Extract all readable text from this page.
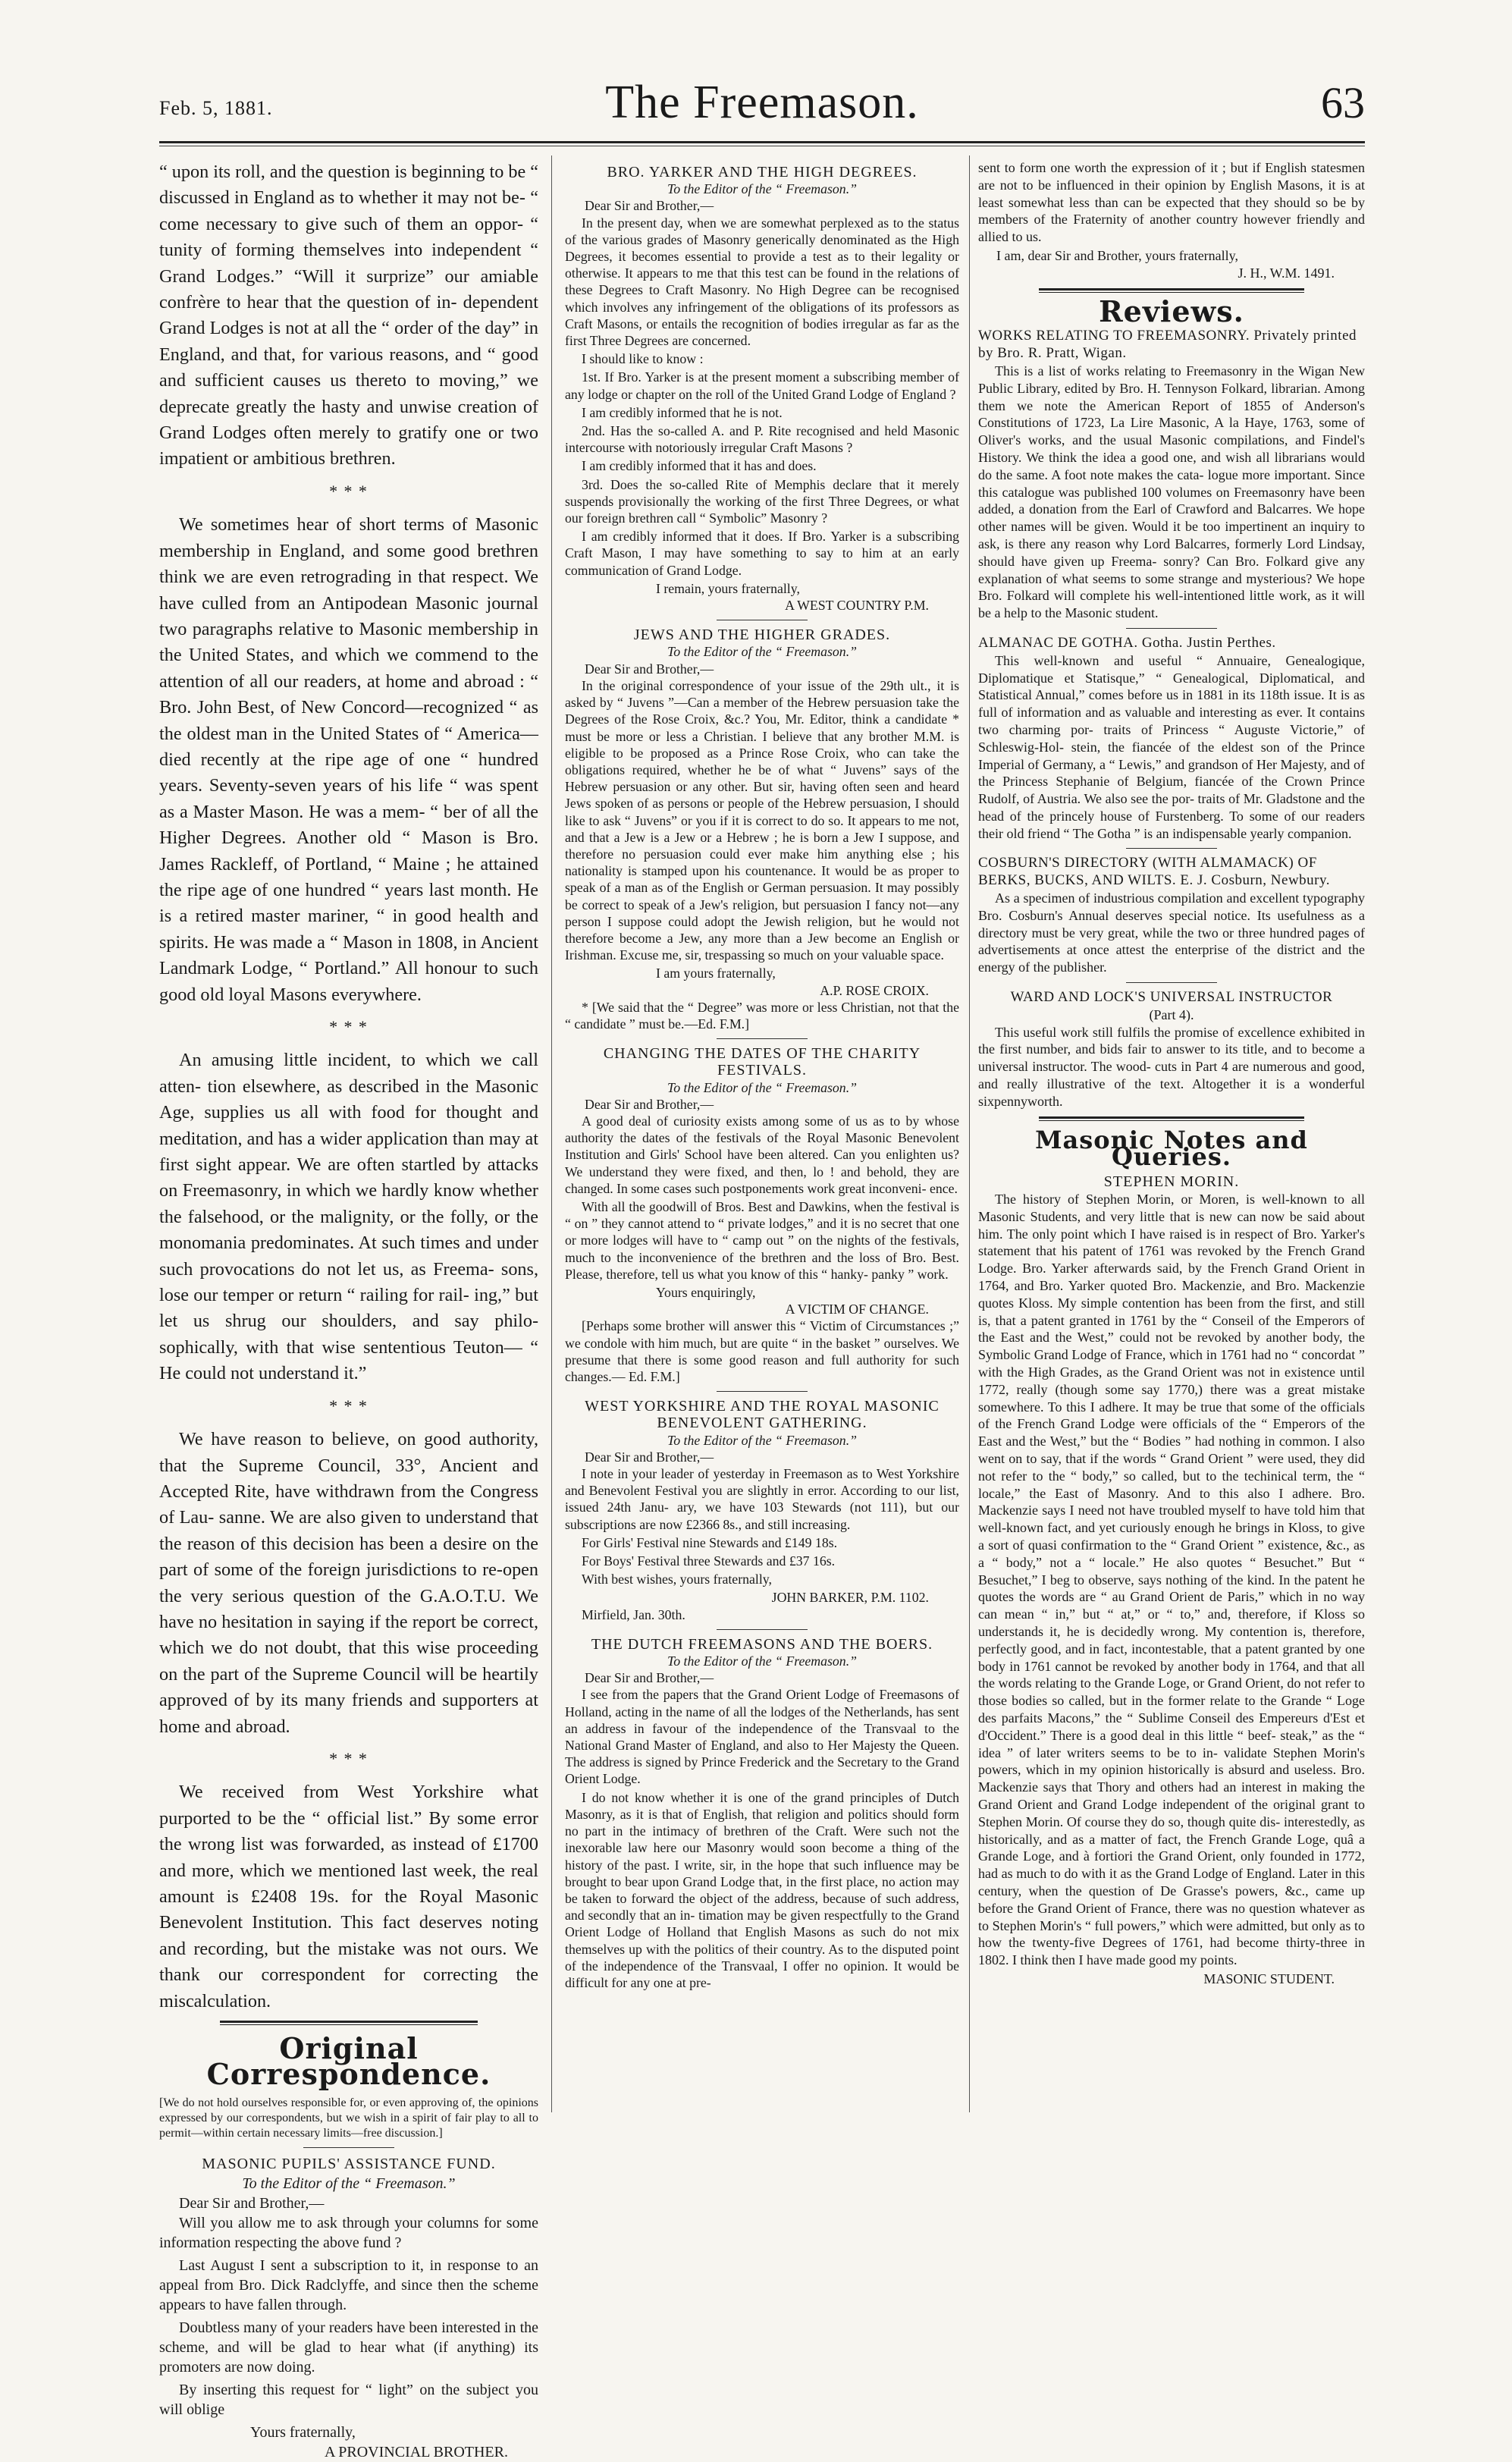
Feb. 5, 1881.	The Freemason.	63

“ upon its roll, and the question is beginning to be “ discussed in England as to whether it may not be- “ come necessary to give such of them an oppor- “ tunity of forming themselves into independent “ Grand Lodges.” “Will it surprize” our amiable confrère to hear that the question of in- dependent Grand Lodges is not at all the “ order of the day” in England, and that, for various reasons, and “ good and sufficient causes us thereto to moving,” we deprecate greatly the hasty and unwise creation of Grand Lodges often merely to gratify one or two impatient or ambitious brethren.

* * *

We sometimes hear of short terms of Masonic membership in England, and some good brethren think we are even retrograding in that respect. We have culled from an Antipodean Masonic journal two paragraphs relative to Masonic membership in the United States, and which we commend to the attention of all our readers, at home and abroad : “ Bro. John Best, of New Concord—recognized “ as the oldest man in the United States of “ America—died recently at the ripe age of one “ hundred years. Seventy-seven years of his life “ was spent as a Master Mason. He was a mem- “ ber of all the Higher Degrees. Another old “ Mason is Bro. James Rackleff, of Portland, “ Maine ; he attained the ripe age of one hundred “ years last month. He is a retired master mariner, “ in good health and spirits. He was made a “ Mason in 1808, in Ancient Landmark Lodge, “ Portland.” All honour to such good old loyal Masons everywhere.

* * *

An amusing little incident, to which we call atten- tion elsewhere, as described in the Masonic Age, supplies us all with food for thought and meditation, and has a wider application than may at first sight appear. We are often startled by attacks on Freemasonry, in which we hardly know whether the falsehood, or the malignity, or the folly, or the monomania predominates. At such times and under such provocations do not let us, as Freema- sons, lose our temper or return “ railing for rail- ing,” but let us shrug our shoulders, and say philo- sophically, with that wise sententious Teuton— “ He could not understand it.”

* * *

We have reason to believe, on good authority, that the Supreme Council, 33°, Ancient and Accepted Rite, have withdrawn from the Congress of Lau- sanne. We are also given to understand that the reason of this decision has been a desire on the part of some of the foreign jurisdictions to re-open the very serious question of the G.A.O.T.U. We have no hesitation in saying if the report be correct, which we do not doubt, that this wise proceeding on the part of the Supreme Council will be heartily approved of by its many friends and supporters at home and abroad.

* * *

We received from West Yorkshire what purported to be the “ official list.” By some error the wrong list was forwarded, as instead of £1700 and more, which we mentioned last week, the real amount is £2408 19s. for the Royal Masonic Benevolent Institution. This fact deserves noting and recording, but the mistake was not ours. We thank our correspondent for correcting the miscalculation.

Original Correspondence.

[We do not hold ourselves responsible for, or even approving of, the opinions expressed by our correspondents, but we wish in a spirit of fair play to all to permit—within certain necessary limits—free discussion.]

MASONIC PUPILS' ASSISTANCE FUND.

To the Editor of the “ Freemason.”

Dear Sir and Brother,—

Will you allow me to ask through your columns for some information respecting the above fund ?

Last August I sent a subscription to it, in response to an appeal from Bro. Dick Radclyffe, and since then the scheme appears to have fallen through.

Doubtless many of your readers have been interested in the scheme, and will be glad to hear what (if anything) its promoters are now doing.

By inserting this request for “ light” on the subject you will oblige

Yours fraternally,

A PROVINCIAL BROTHER.

BRO. YARKER AND THE HIGH DEGREES.

To the Editor of the “ Freemason.”

Dear Sir and Brother,—

In the present day, when we are somewhat perplexed as to the status of the various grades of Masonry generically denominated as the High Degrees, it becomes essential to provide a test as to their legality or otherwise. It appears to me that this test can be found in the relations of these Degrees to Craft Masonry. No High Degree can be recognised which involves any infringement of the obligations of its professors as Craft Masons, or entails the recognition of bodies irregular as far as the first Three Degrees are concerned.

I should like to know :

1st. If Bro. Yarker is at the present moment a subscribing member of any lodge or chapter on the roll of the United Grand Lodge of England ?

I am credibly informed that he is not.

2nd. Has the so-called A. and P. Rite recognised and held Masonic intercourse with notoriously irregular Craft Masons ?

I am credibly informed that it has and does.

3rd. Does the so-called Rite of Memphis declare that it merely suspends provisionally the working of the first Three Degrees, or what our foreign brethren call “ Symbolic” Masonry ?

I am credibly informed that it does. If Bro. Yarker is a subscribing Craft Mason, I may have something to say to him at an early communication of Grand Lodge.

I remain, yours fraternally,

A WEST COUNTRY P.M.

JEWS AND THE HIGHER GRADES.

To the Editor of the “ Freemason.”

Dear Sir and Brother,—

In the original correspondence of your issue of the 29th ult., it is asked by “ Juvens ”—Can a member of the Hebrew persuasion take the Degrees of the Rose Croix, &c.? You, Mr. Editor, think a candidate * must be more or less a Christian. I believe that any brother M.M. is eligible to be proposed as a Prince Rose Croix, who can take the obligations required, whether he be of what “ Juvens” says of the Hebrew persuasion or any other. But sir, having often seen and heard Jews spoken of as persons or people of the Hebrew persuasion, I should like to ask “ Juvens” or you if it is correct to do so. It appears to me not, and that a Jew is a Jew or a Hebrew ; he is born a Jew I suppose, and therefore no persuasion could ever make him anything else ; his nationality is stamped upon his countenance. It would be as proper to speak of a man as of the English or German persuasion. It may possibly be correct to speak of a Jew's religion, but persuasion I fancy not—any person I suppose could adopt the Jewish religion, but he would not therefore become a Jew, any more than a Jew become an English or Irishman. Excuse me, sir, trespassing so much on your valuable space.

I am yours fraternally,

A.P. ROSE CROIX.

* [We said that the “ Degree” was more or less Christian, not that the “ candidate ” must be.—Ed. F.M.]

CHANGING THE DATES OF THE CHARITY FESTIVALS.

To the Editor of the “ Freemason.”

Dear Sir and Brother,—

A good deal of curiosity exists among some of us as to by whose authority the dates of the festivals of the Royal Masonic Benevolent Institution and Girls' School have been altered. Can you enlighten us? We understand they were fixed, and then, lo ! and behold, they are changed. In some cases such postponements work great inconveni- ence.

With all the goodwill of Bros. Best and Dawkins, when the festival is “ on ” they cannot attend to “ private lodges,” and it is no secret that one or more lodges will have to “ camp out ” on the nights of the festivals, much to the inconvenience of the brethren and the loss of Bro. Best. Please, therefore, tell us what you know of this “ hanky- panky ” work.

Yours enquiringly,

A VICTIM OF CHANGE.

[Perhaps some brother will answer this “ Victim of Circumstances ;” we condole with him much, but are quite “ in the basket ” ourselves. We presume that there is some good reason and full authority for such changes.— Ed. F.M.]

WEST YORKSHIRE AND THE ROYAL MASONIC BENEVOLENT GATHERING.

To the Editor of the “ Freemason.”

Dear Sir and Brother,—

I note in your leader of yesterday in Freemason as to West Yorkshire and Benevolent Festival you are slightly in error. According to our list, issued 24th Janu- ary, we have 103 Stewards (not 111), but our subscriptions are now £2366 8s., and still increasing.

For Girls' Festival nine Stewards and £149 18s.

For Boys' Festival three Stewards and £37 16s.

With best wishes, yours fraternally,

JOHN BARKER, P.M. 1102.

Mirfield, Jan. 30th.

THE DUTCH FREEMASONS AND THE BOERS.

To the Editor of the “ Freemason.”

Dear Sir and Brother,—

I see from the papers that the Grand Orient Lodge of Freemasons of Holland, acting in the name of all the lodges of the Netherlands, has sent an address in favour of the independence of the Transvaal to the National Grand Master of England, and also to Her Majesty the Queen. The address is signed by Prince Frederick and the Secretary to the Grand Orient Lodge.

I do not know whether it is one of the grand principles of Dutch Masonry, as it is that of English, that religion and politics should form no part in the intimacy of brethren of the Craft. Were such not the inexorable law here our Masonry would soon become a thing of the history of the past. I write, sir, in the hope that such influence may be brought to bear upon Grand Lodge that, in the first place, no action may be taken to forward the object of the address, because of such address, and secondly that an in- timation may be given respectfully to the Grand Orient Lodge of Holland that English Masons as such do not mix themselves up with the politics of their country. As to the disputed point of the independence of the Transvaal, I offer no opinion. It would be difficult for any one at pre-

sent to form one worth the expression of it ; but if English statesmen are not to be influenced in their opinion by English Masons, it is at least somewhat less than can be expected that they should so be by members of the Fraternity of another country however friendly and allied to us.

I am, dear Sir and Brother, yours fraternally,

J. H., W.M. 1491.

Reviews.

WORKS RELATING TO FREEMASONRY. Privately printed by Bro. R. Pratt, Wigan.

This is a list of works relating to Freemasonry in the Wigan New Public Library, edited by Bro. H. Tennyson Folkard, librarian. Among them we note the American Report of 1855 of Anderson's Constitutions of 1723, La Lire Masonic, A la Haye, 1763, some of Oliver's works, and the usual Masonic compilations, and Findel's History. We think the idea a good one, and wish all librarians would do the same. A foot note makes the cata- logue more important. Since this catalogue was published 100 volumes on Freemasonry have been added, a donation from the Earl of Crawford and Balcarres. We hope other names will be given. Would it be too impertinent an inquiry to ask, is there any reason why Lord Balcarres, formerly Lord Lindsay, should have given up Freema- sonry? Can Bro. Folkard give any explanation of what seems to some strange and mysterious? We hope Bro. Folkard will complete his well-intentioned little work, as it will be a help to the Masonic student.

ALMANAC DE GOTHA. Gotha. Justin Perthes.

This well-known and useful “ Annuaire, Genealogique, Diplomatique et Statisque,” “ Genealogical, Diplomatical, and Statistical Annual,” comes before us in 1881 in its 118th issue. It is as full of information and as valuable and interesting as ever. It contains two charming por- traits of Princess “ Auguste Victorie,” of Schleswig-Hol- stein, the fiancée of the eldest son of the Prince Imperial of Germany, a “ Lewis,” and grandson of Her Majesty, and of the Princess Stephanie of Belgium, fiancée of the Crown Prince Rudolf, of Austria. We also see the por- traits of Mr. Gladstone and the head of the princely house of Furstenberg. To some of our readers their old friend “ The Gotha ” is an indispensable yearly companion.

COSBURN'S DIRECTORY (WITH ALMAMACK) OF BERKS, BUCKS, AND WILTS. E. J. Cosburn, Newbury.

As a specimen of industrious compilation and excellent typography Bro. Cosburn's Annual deserves special notice. Its usefulness as a directory must be very great, while the two or three hundred pages of advertisements at once attest the enterprise of the district and the energy of the publisher.

WARD AND LOCK'S UNIVERSAL INSTRUCTOR

(Part 4).

This useful work still fulfils the promise of excellence exhibited in the first number, and bids fair to answer to its title, and to become a universal instructor. The wood- cuts in Part 4 are numerous and good, and really illustrative of the text. Altogether it is a wonderful sixpennyworth.

Masonic Notes and Queries.

STEPHEN MORIN.

The history of Stephen Morin, or Moren, is well-known to all Masonic Students, and very little that is new can now be said about him. The only point which I have raised is in respect of Bro. Yarker's statement that his patent of 1761 was revoked by the French Grand Lodge. Bro. Yarker afterwards said, by the French Grand Orient in 1764, and Bro. Yarker quoted Bro. Mackenzie, and Bro. Mackenzie quotes Kloss. My simple contention has been from the first, and still is, that a patent granted in 1761 by the “ Conseil of the Emperors of the East and the West,” could not be revoked by another body, the Symbolic Grand Lodge of France, which in 1761 had no “ concordat ” with the High Grades, as the Grand Orient was not in existence until 1772, really (though some say 1770,) there was a great mistake somewhere. To this I adhere. It may be true that some of the officials of the French Grand Lodge were officials of the “ Emperors of the East and the West,” but the “ Bodies ” had nothing in common. I also went on to say, that if the words “ Grand Orient ” were used, they did not refer to the “ body,” so called, but to the techinical term, the “ locale,” the East of Masonry. And to this also I adhere. Bro. Mackenzie says I need not have troubled myself to have told him that well-known fact, and yet curiously enough he brings in Kloss, to give a sort of quasi confirmation to the “ Grand Orient ” existence, &c., as a “ body,” not a “ locale.” He also quotes “ Besuchet.” But “ Besuchet,” I beg to observe, says nothing of the kind. In the patent he quotes the words are “ au Grand Orient de Paris,” which in no way can mean “ in,” but “ at,” or “ to,” and, therefore, if Kloss so understands it, he is decidedly wrong. My contention is, therefore, perfectly good, and in fact, incontestable, that a patent granted by one body in 1761 cannot be revoked by another body in 1764, and that all the words relating to the Grande Loge, or Grand Orient, do not refer to those bodies so called, but in the former relate to the Grande “ Loge des parfaits Macons,” the “ Sublime Conseil des Empereurs d'Est et d'Occident.” There is a good deal in this little “ beef- steak,” as the “ idea ” of later writers seems to be to in- validate Stephen Morin's powers, which in my opinion historically is absurd and useless. Bro. Mackenzie says that Thory and others had an interest in making the Grand Orient and Grand Lodge independent of the original grant to Stephen Morin. Of course they do so, though quite dis- interestedly, as historically, and as a matter of fact, the French Grande Loge, quâ a Grande Loge, and à fortiori the Grand Orient, only founded in 1772, had as much to do with it as the Grand Lodge of England. Later in this century, when the question of De Grasse's powers, &c., came up before the Grand Orient of France, there was no question whatever as to Stephen Morin's “ full powers,” which were admitted, but only as to how the twenty-five Degrees of 1761, had become thirty-three in 1802. I think then I have made good my points.

MASONIC STUDENT.
